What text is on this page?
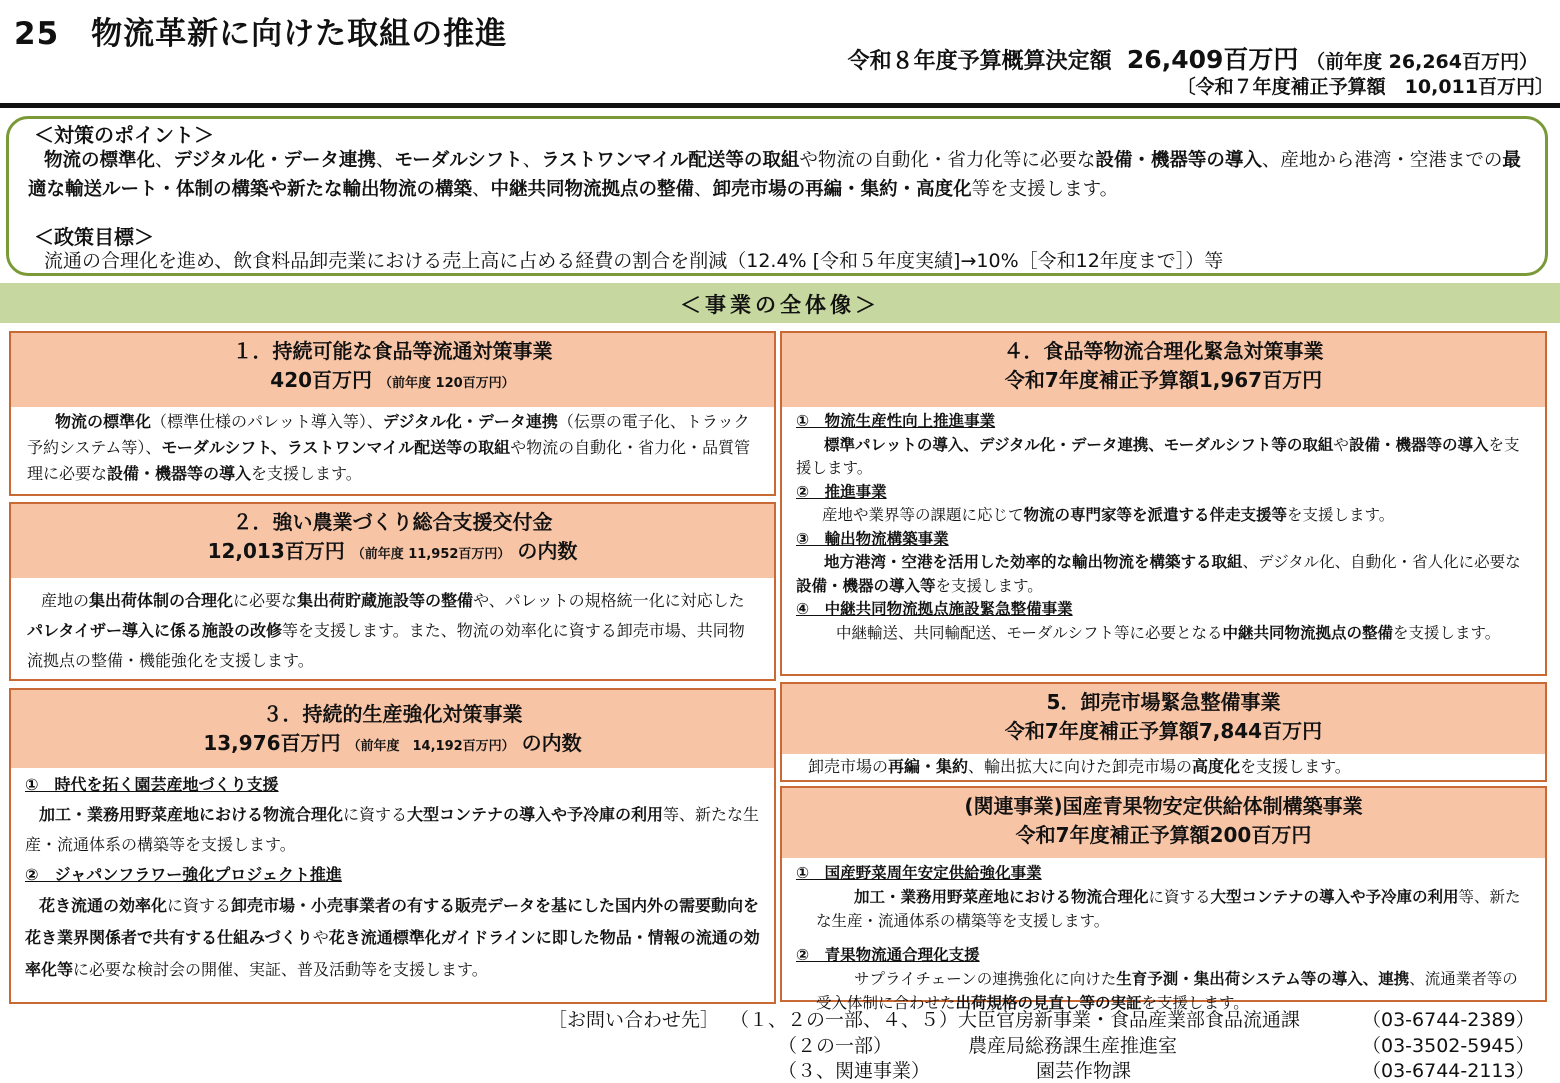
25　物流革新に向けた取組の推進
令和８年度予算概算決定額 26,409百万円 （前年度 26,264百万円）
〔令和７年度補正予算額　10,011百万円〕
＜対策のポイント＞
物流の標準化、デジタル化・データ連携、モーダルシフト、ラストワンマイル配送等の取組や物流の自動化・省力化等に必要な設備・機器等の導入、産地から港湾・空港までの最適な輸送ルート・体制の構築や新たな輸出物流の構築、中継共同物流拠点の整備、卸売市場の再編・集約・高度化等を支援します。
＜政策目標＞
流通の合理化を進め、飲食料品卸売業における売上高に占める経費の割合を削減（12.4% [令和５年度実績]→10%［令和12年度まで］）等
＜事業の全体像＞
１．持続可能な食品等流通対策事業
420百万円 （前年度 120百万円）
物流の標準化（標準仕様のパレット導入等）、デジタル化・データ連携（伝票の電子化、トラック予約システム等）、モーダルシフト、ラストワンマイル配送等の取組や物流の自動化・省力化・品質管理に必要な設備・機器等の導入を支援します。
２．強い農業づくり総合支援交付金
12,013百万円 （前年度 11,952百万円） の内数
産地の集出荷体制の合理化に必要な集出荷貯蔵施設等の整備や、パレットの規格統一化に対応したパレタイザー導入に係る施設の改修等を支援します。また、物流の効率化に資する卸売市場、共同物流拠点の整備・機能強化を支援します。
３．持続的生産強化対策事業
13,976百万円 （前年度　14,192百万円） の内数
①　時代を拓く園芸産地づくり支援
加工・業務用野菜産地における物流合理化に資する大型コンテナの導入や予冷庫の利用等、新たな生産・流通体系の構築等を支援します。
②　ジャパンフラワー強化プロジェクト推進
花き流通の効率化に資する卸売市場・小売事業者の有する販売データを基にした国内外の需要動向を花き業界関係者で共有する仕組みづくりや花き流通標準化ガイドラインに即した物品・情報の流通の効率化等に必要な検討会の開催、実証、普及活動等を支援します。
４．食品等物流合理化緊急対策事業
令和7年度補正予算額1,967百万円
①　物流生産性向上推進事業
標準パレットの導入、デジタル化・データ連携、モーダルシフト等の取組や設備・機器等の導入を支援します。
②　推進事業
産地や業界等の課題に応じて物流の専門家等を派遣する伴走支援等を支援します。
③　輸出物流構築事業
地方港湾・空港を活用した効率的な輸出物流を構築する取組、デジタル化、自動化・省人化に必要な設備・機器の導入等を支援します。
④　中継共同物流拠点施設緊急整備事業
中継輸送、共同輸配送、モーダルシフト等に必要となる中継共同物流拠点の整備を支援します。
5．卸売市場緊急整備事業
令和7年度補正予算額7,844百万円
卸売市場の再編・集約、輸出拡大に向けた卸売市場の高度化を支援します。
(関連事業)国産青果物安定供給体制構築事業
令和7年度補正予算額200百万円
①　国産野菜周年安定供給強化事業
加工・業務用野菜産地における物流合理化に資する大型コンテナの導入や予冷庫の利用等、新たな生産・流通体系の構築等を支援します。
②　青果物流通合理化支援
サプライチェーンの連携強化に向けた生育予測・集出荷システム等の導入、連携、流通業者等の受入体制に合わせた出荷規格の見直し等の実証を支援します。
［お問い合わせ先］ （１、２の一部、４、５） 大臣官房新事業・食品産業部食品流通課	（03-6744-2389）
（２の一部）	農産局総務課生産推進室	（03-3502-5945）
（３、関連事業）	園芸作物課	（03-6744-2113）
